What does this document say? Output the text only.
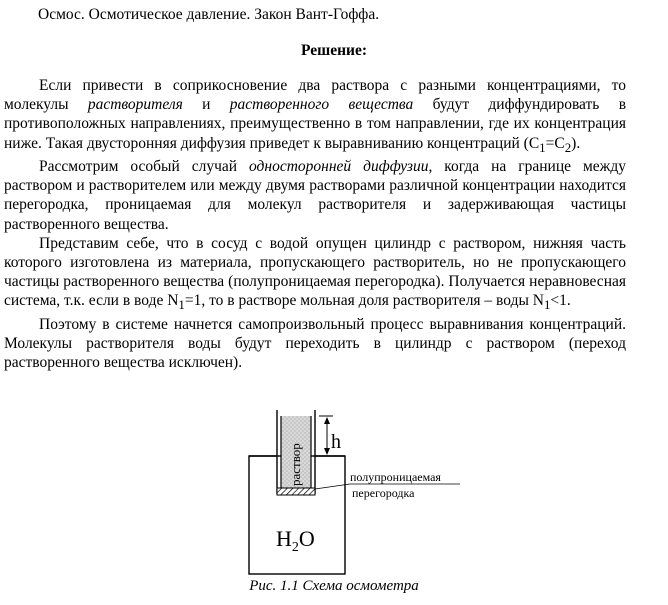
Осмос. Осмотическое давление. Закон Вант-Гоффа.
Решение:

Если привести в соприкосновение два раствора с разными концентрациями, то молекулы растворителя и растворенного вещества будут диффундировать в противоположных направлениях, преимущественно в том направлении, где их концентрация ниже. Такая двусторонняя диффузия приведет к выравниванию концентраций $(C_1=C_2)$.

Рассмотрим особый случай односторонней диффузии, когда на границе между раствором и растворителем или между двумя растворами различной концентрации находится перегородка, проницаемая для молекул растворителя и задерживающая частицы растворенного вещества.

Представим себе, что в сосуд с водой опущен цилиндр с раствором, нижняя часть которого изготовлена из материала, пропускающего растворитель, но не пропускающего частицы растворенного вещества (полупроницаемая перегородка). Получается неравновесная система, т.к. если в воде $N_1=1$, то в растворе мольная доля растворителя – воды $N_1<1$.

Поэтому в системе начнется самопроизвольный процесс выравнивания концентраций. Молекулы растворителя воды будут переходить в цилиндр с раствором (переход растворенного вещества исключен).

h
раствор	полупроницаемая
перегородка
$H_2O$
Рис. 1.1 Схема осмометра
